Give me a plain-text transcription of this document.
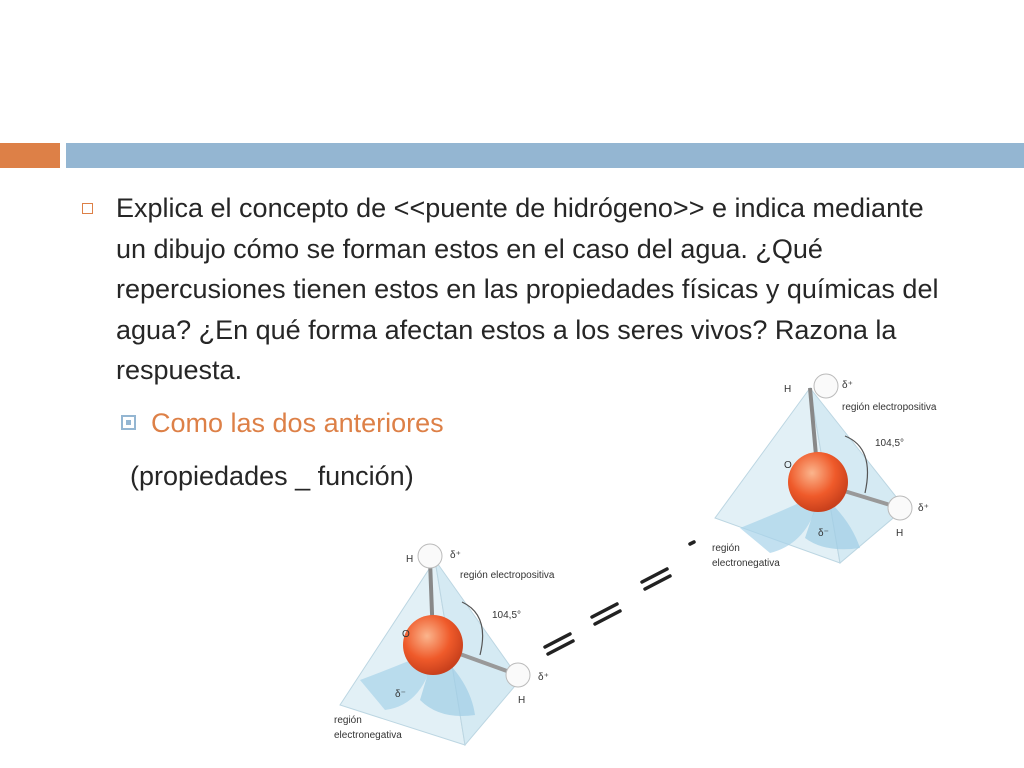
Explica el concepto de <<puente de hidrógeno>> e indica mediante un dibujo cómo se forman estos en el caso del agua. ¿Qué repercusiones tienen estos en las propiedades físicas y químicas del agua? ¿En qué forma afectan estos a los seres vivos? Razona la respuesta.

Como las dos anteriores

(propiedades _ función)

H	δ⁺
región electropositiva
104,5°
O
δ⁺
H
δ⁻
región
electronegativa
H	δ⁺
región electropositiva
104,5°
O
δ⁺
H
δ⁻
región
electronegativa
